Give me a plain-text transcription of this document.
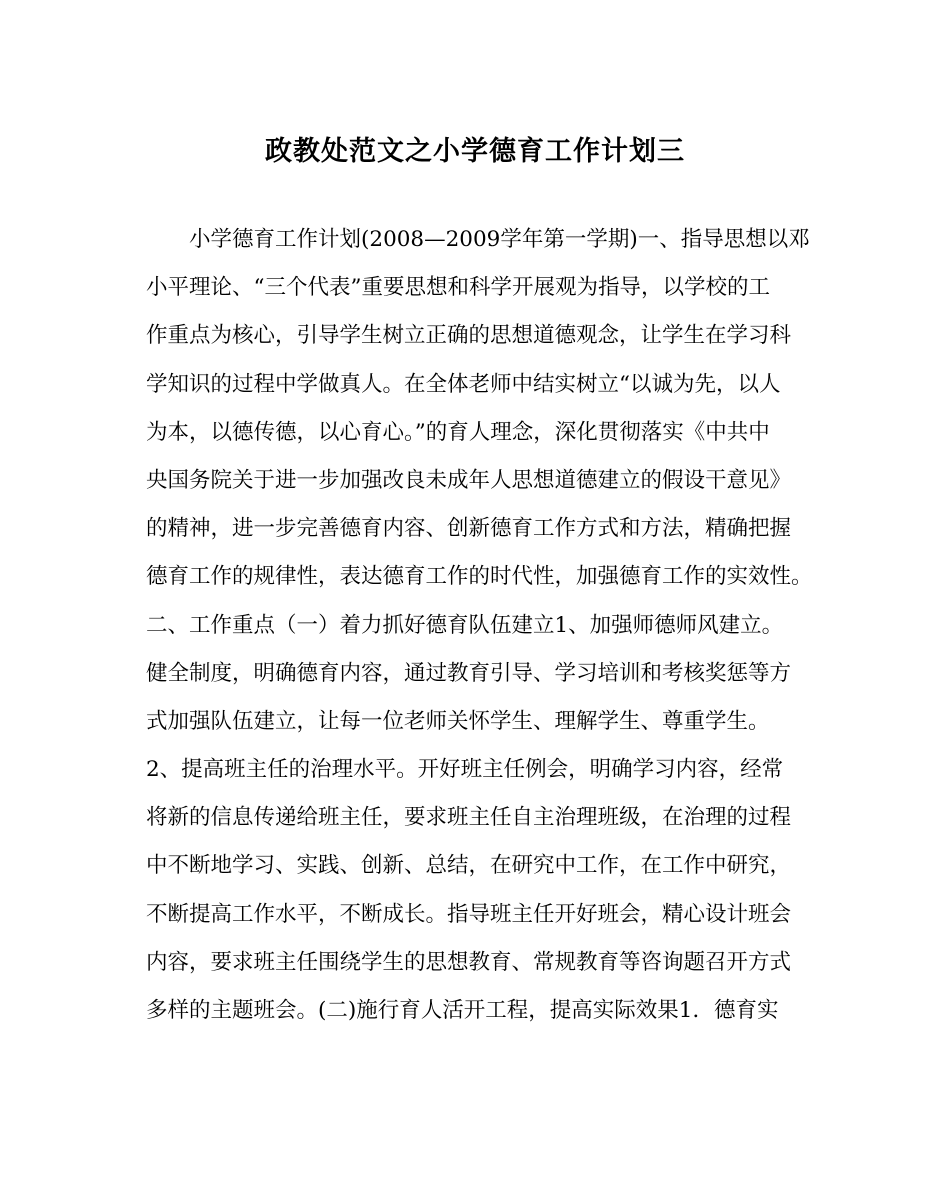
政教处范文之小学德育工作计划三
小学德育工作计划(2008—2009学年第一学期)一、指导思想以邓
小平理论、“三个代表”重要思想和科学开展观为指导，以学校的工
作重点为核心，引导学生树立正确的思想道德观念，让学生在学习科
学知识的过程中学做真人。在全体老师中结实树立“以诚为先，以人
为本，以德传德，以心育心。”的育人理念，深化贯彻落实《中共中
央国务院关于进一步加强改良未成年人思想道德建立的假设干意见》
的精神，进一步完善德育内容、创新德育工作方式和方法，精确把握
德育工作的规律性，表达德育工作的时代性，加强德育工作的实效性。
二、工作重点（一）着力抓好德育队伍建立1、加强师德师风建立。
健全制度，明确德育内容，通过教育引导、学习培训和考核奖惩等方
式加强队伍建立，让每一位老师关怀学生、理解学生、尊重学生。
2、提高班主任的治理水平。开好班主任例会，明确学习内容，经常
将新的信息传递给班主任，要求班主任自主治理班级，在治理的过程
中不断地学习、实践、创新、总结，在研究中工作，在工作中研究，
不断提高工作水平，不断成长。指导班主任开好班会，精心设计班会
内容，要求班主任围绕学生的思想教育、常规教育等咨询题召开方式
多样的主题班会。(二)施行育人活开工程，提高实际效果1．德育实
